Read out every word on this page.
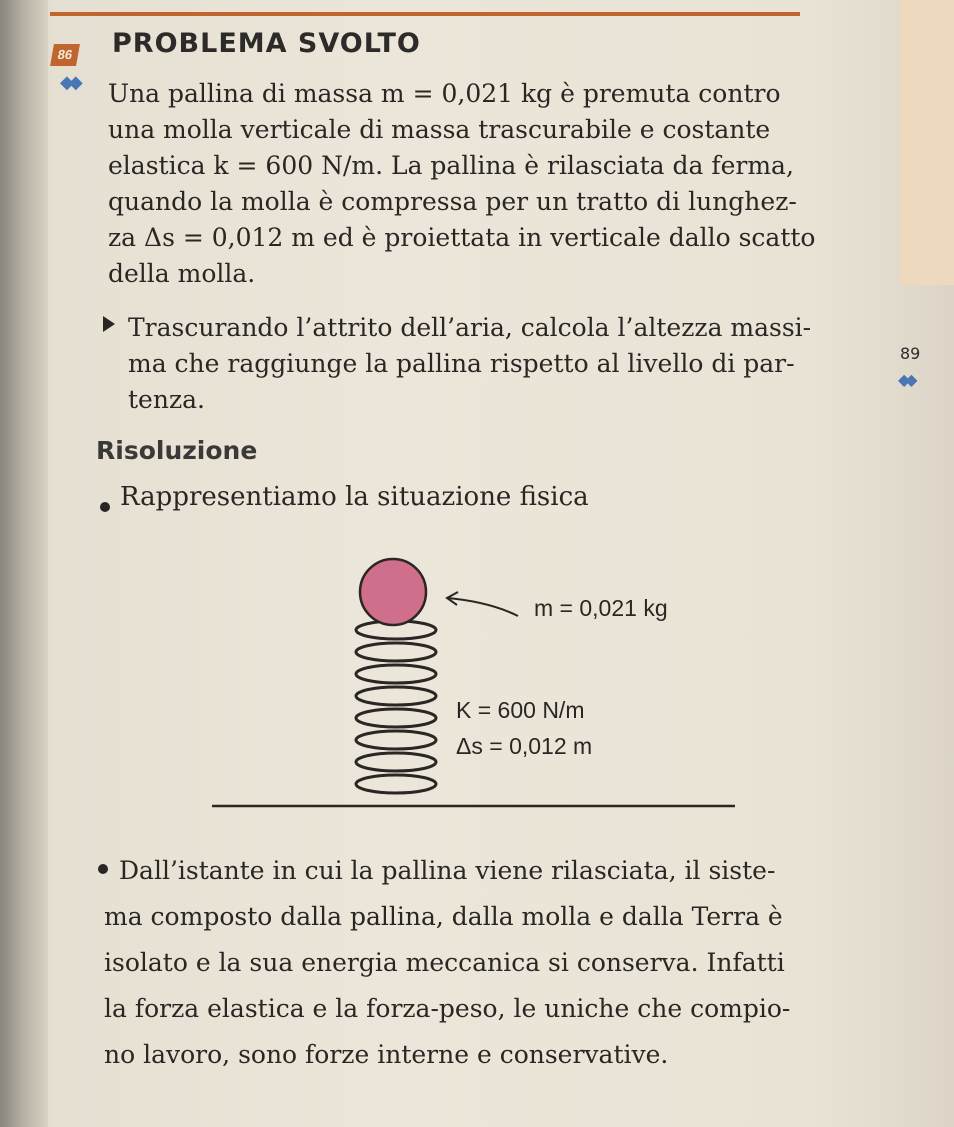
86
◆◆
PROBLEMA SVOLTO
Una pallina di massa m = 0,021 kg è premuta contro
una molla verticale di massa trascurabile e costante
elastica k = 600 N/m. La pallina è rilasciata da ferma,
quando la molla è compressa per un tratto di lunghez-
za Δs = 0,012 m ed è proiettata in verticale dallo scatto
della molla.
Trascurando l’attrito dell’aria, calcola l’altezza massi-
ma che raggiunge la pallina rispetto al livello di par-
tenza.
89
◆◆
Risoluzione
Rappresentiamo la situazione fisica
m = 0,021 kg
K = 600 N/m
Δs = 0,012 m
Dall’istante in cui la pallina viene rilasciata, il siste-
ma composto dalla pallina, dalla molla e dalla Terra è
isolato e la sua energia meccanica si conserva. Infatti
la forza elastica e la forza-peso, le uniche che compio-
no lavoro, sono forze interne e conservative.
